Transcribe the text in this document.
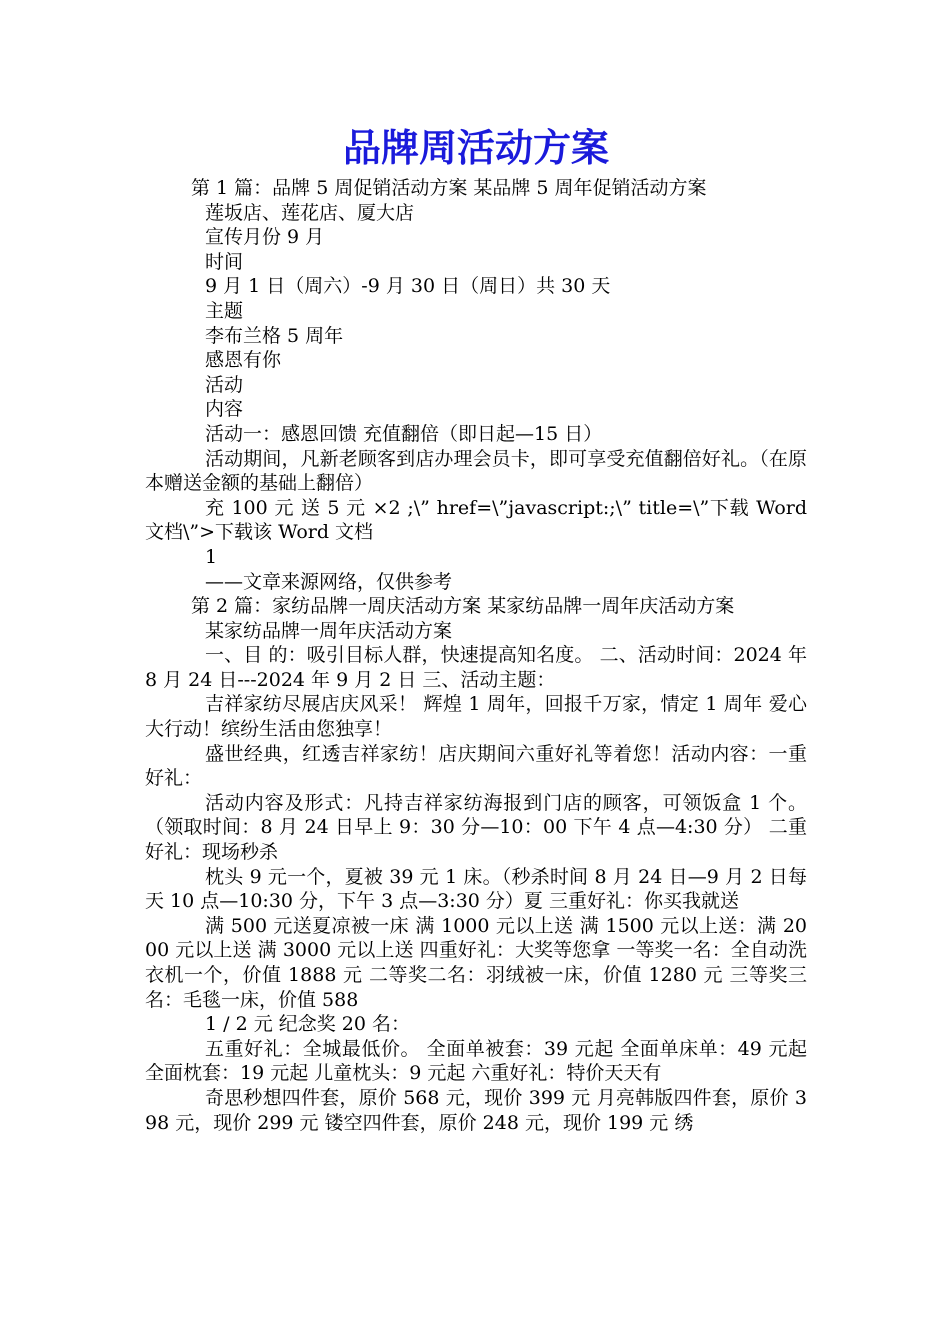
品牌周活动方案

第 1 篇：品牌 5 周促销活动方案 某品牌 5 周年促销活动方案

莲坂店、莲花店、厦大店

宣传月份 9 月

时间

9 月 1 日（周六）-9 月 30 日（周日）共 30 天

主题

李布兰格 5 周年

感恩有你

活动

内容

活动一：感恩回馈 充值翻倍（即日起—15 日）

活动期间，凡新老顾客到店办理会员卡，即可享受充值翻倍好礼。（在原本赠送金额的基础上翻倍）

充 100 元 送 5 元 ×2 ;\” href=\”javascript:;\” title=\”下载 Word 文档\”>下载该 Word 文档

1

——文章来源网络，仅供参考

第 2 篇：家纺品牌一周庆活动方案 某家纺品牌一周年庆活动方案

某家纺品牌一周年庆活动方案

一、目 的：吸引目标人群，快速提高知名度。 二、活动时间：2024 年 8 月 24 日---2024 年 9 月 2 日 三、活动主题：

吉祥家纺尽展店庆风采！ 辉煌 1 周年，回报千万家，情定 1 周年 爱心大行动！缤纷生活由您独享！

盛世经典，红透吉祥家纺！店庆期间六重好礼等着您！活动内容：一重好礼：

活动内容及形式：凡持吉祥家纺海报到门店的顾客，可领饭盒 1 个。（领取时间：8 月 24 日早上 9：30 分—10：00 下午 4 点—4:30 分） 二重好礼：现场秒杀

枕头 9 元一个，夏被 39 元 1 床。（秒杀时间 8 月 24 日—9 月 2 日每天 10 点—10:30 分，下午 3 点—3:30 分）夏 三重好礼：你买我就送

满 500 元送夏凉被一床 满 1000 元以上送 满 1500 元以上送：满 2000 元以上送 满 3000 元以上送 四重好礼：大奖等您拿 一等奖一名：全自动洗衣机一个，价值 1888 元 二等奖二名：羽绒被一床，价值 1280 元 三等奖三名：毛毯一床，价值 588

1 / 2 元 纪念奖 20 名：

五重好礼：全城最低价。 全面单被套：39 元起 全面单床单：49 元起 全面枕套：19 元起 儿童枕头：9 元起 六重好礼：特价天天有

奇思秒想四件套，原价 568 元，现价 399 元 月亮韩版四件套，原价 398 元，现价 299 元 镂空四件套，原价 248 元，现价 199 元 绣
